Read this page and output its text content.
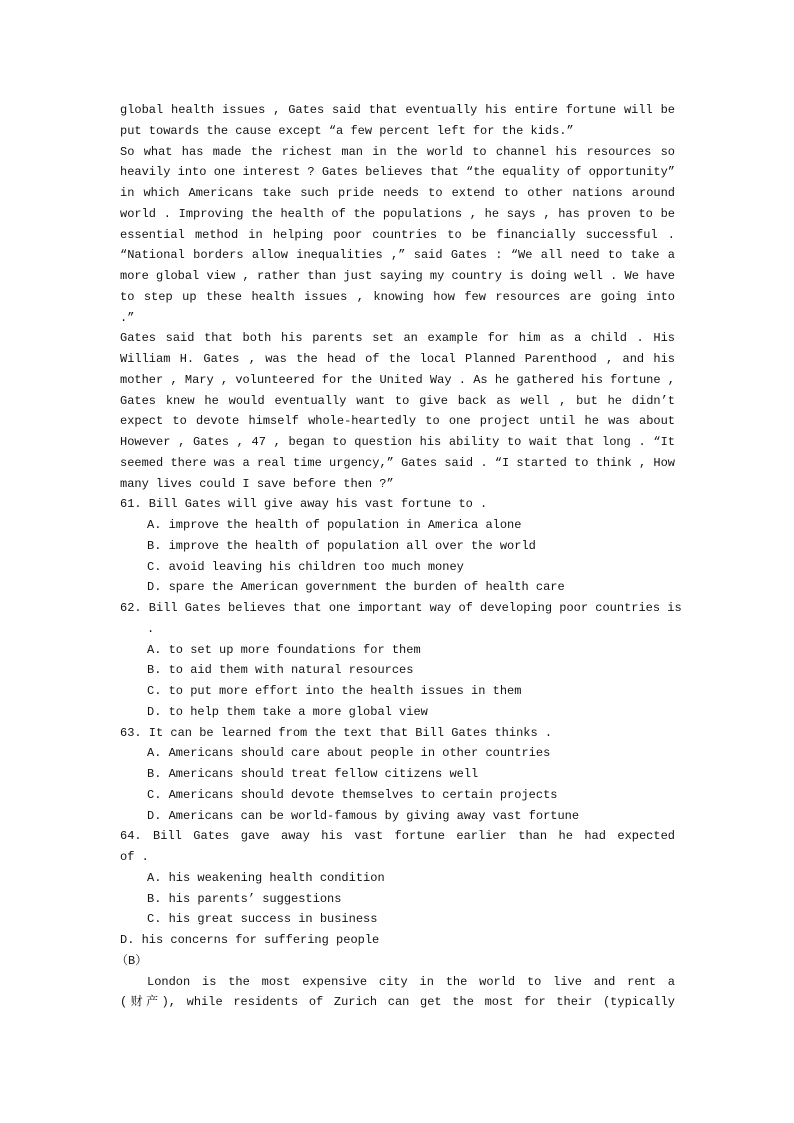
global health issues , Gates said that eventually his entire fortune will be
put towards the cause except “a few percent left for the kids.”
So what has made the richest man in the world to channel his resources so
heavily into one interest ? Gates believes that “the equality of opportunity”
in which Americans take such pride needs to extend to other nations around
world . Improving the health of the populations , he says , has proven to be
essential method in helping poor countries to be financially successful .
“National borders allow inequalities ,” said Gates : “We all need to take a
more global view , rather than just saying my country is doing well . We have
to step up these health issues , knowing how few resources are going into
.”
Gates said that both his parents set an example for him as a child . His
William H. Gates , was the head of the local Planned Parenthood , and his
mother , Mary , volunteered for the United Way . As he gathered his fortune ,
Gates knew he would eventually want to give back as well , but he didn’t
expect to devote himself whole-heartedly to one project until he was about
However , Gates , 47 , began to question his ability to wait that long . “It
seemed there was a real time urgency,” Gates said . “I started to think , How
many lives could I save before then ?”
61. Bill Gates will give away his vast fortune to .
A. improve the health of population in America alone
B. improve the health of population all over the world
C. avoid leaving his children too much money
D. spare the American government the burden of health care
62. Bill Gates believes that one important way of developing poor countries is
.
A. to set up more foundations for them
B. to aid them with natural resources
C. to put more effort into the health issues in them
D. to help them take a more global view
63. It can be learned from the text that Bill Gates thinks .
A. Americans should care about people in other countries
B. Americans should treat fellow citizens well
C. Americans should devote themselves to certain projects
D. Americans can be world-famous by giving away vast fortune
64. Bill Gates gave away his vast fortune earlier than he had expected
of .
A. his weakening health condition
B. his parents’ suggestions
C. his great success in business
D. his concerns for suffering people
（B）
London is the most expensive city in the world to live and rent a
(财产), while residents of Zurich can get the most for their (typically
